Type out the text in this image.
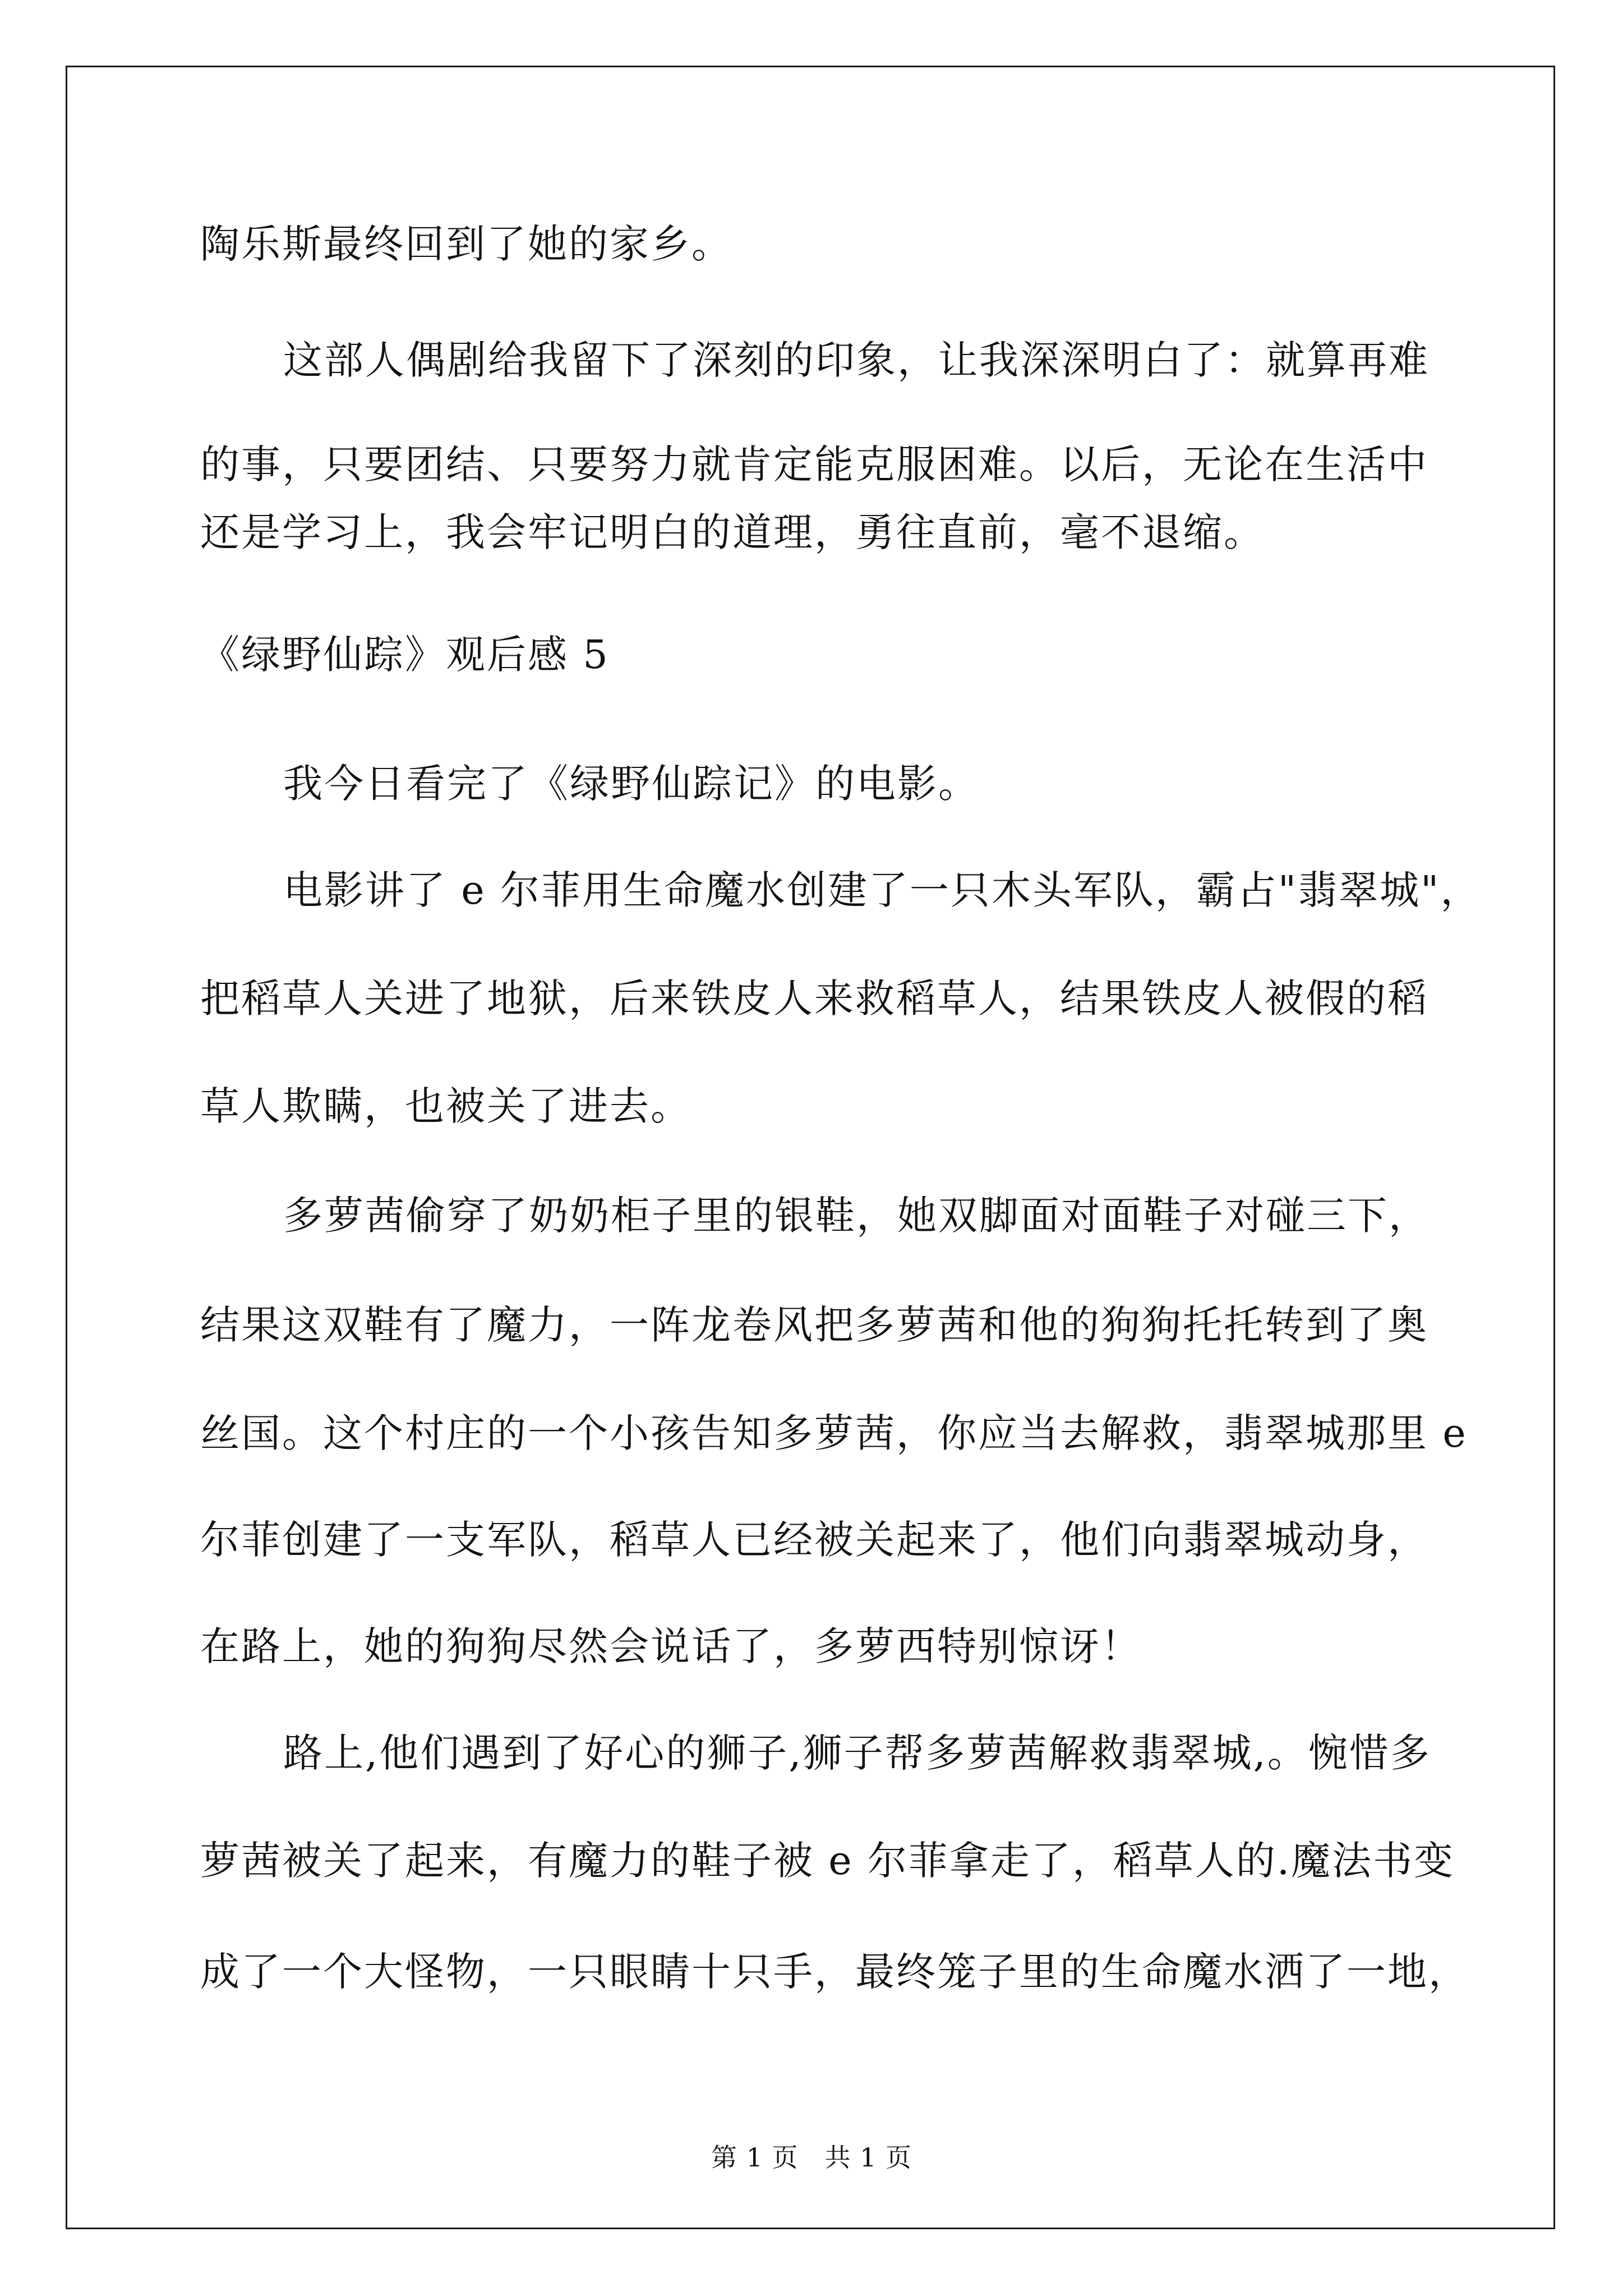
陶乐斯最终回到了她的家乡。
这部人偶剧给我留下了深刻的印象，让我深深明白了：就算再难
的事，只要团结、只要努力就肯定能克服困难。以后，无论在生活中
还是学习上，我会牢记明白的道理，勇往直前，毫不退缩。
《绿野仙踪》观后感 5
我今日看完了《绿野仙踪记》的电影。
电影讲了 e 尔菲用生命魔水创建了一只木头军队，霸占"翡翠城"，
把稻草人关进了地狱，后来铁皮人来救稻草人，结果铁皮人被假的稻
草人欺瞒，也被关了进去。
多萝茜偷穿了奶奶柜子里的银鞋，她双脚面对面鞋子对碰三下，
结果这双鞋有了魔力，一阵龙卷风把多萝茜和他的狗狗托托转到了奥
丝国。这个村庄的一个小孩告知多萝茜，你应当去解救，翡翠城那里 e
尔菲创建了一支军队，稻草人已经被关起来了，他们向翡翠城动身，
在路上，她的狗狗尽然会说话了，多萝西特别惊讶！
路上,他们遇到了好心的狮子,狮子帮多萝茜解救翡翠城,。惋惜多
萝茜被关了起来，有魔力的鞋子被 e 尔菲拿走了，稻草人的.魔法书变
成了一个大怪物，一只眼睛十只手，最终笼子里的生命魔水洒了一地，
第 1 页　共 1 页
